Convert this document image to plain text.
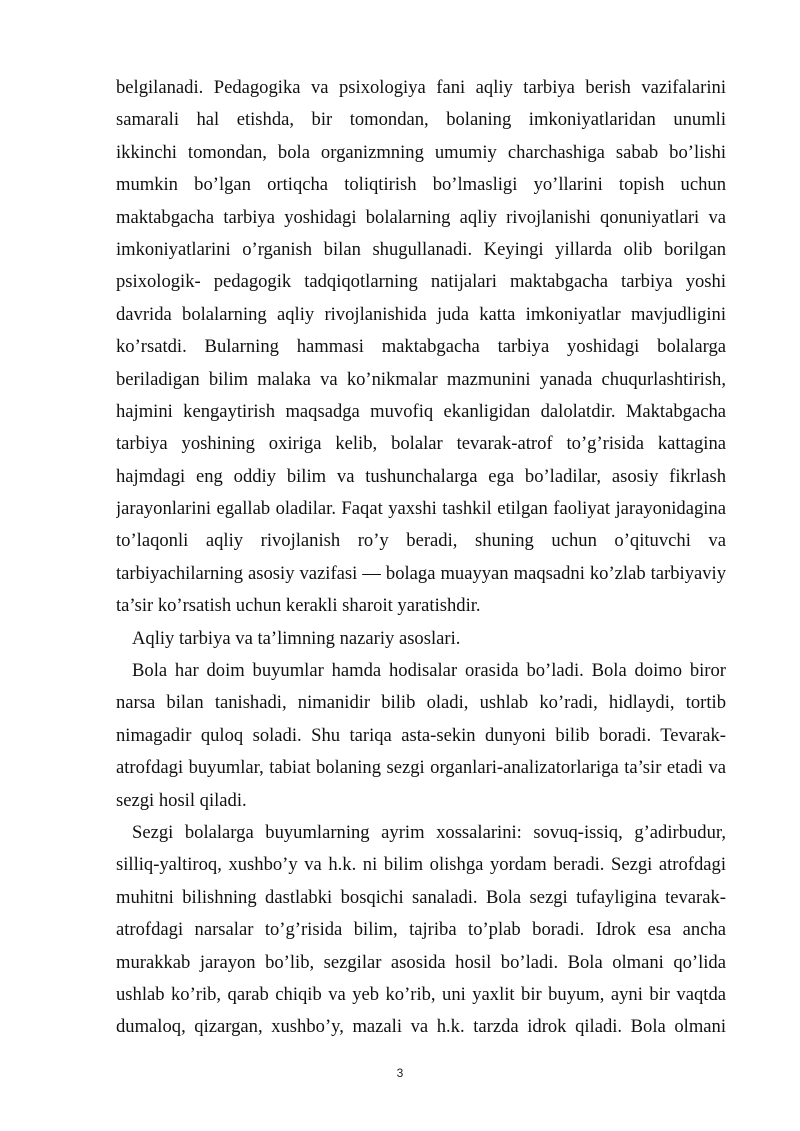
belgilanadi. Pedagogika va psixologiya fani aqliy tarbiya berish vazifalarini
samarali hal etishda, bir tomondan, bolaning imkoniyatlaridan unumli
ikkinchi tomondan, bola organizmning umumiy charchashiga sabab bo’lishi
mumkin bo’lgan ortiqcha toliqtirish bo’lmasligi yo’llarini topish uchun
maktabgacha tarbiya yoshidagi bolalarning aqliy rivojlanishi qonuniyatlari va
imkoniyatlarini o’rganish bilan shugullanadi. Keyingi yillarda olib borilgan
psixologik- pedagogik tadqiqotlarning natijalari maktabgacha tarbiya yoshi
davrida bolalarning aqliy rivojlanishida juda katta imkoniyatlar mavjudligini
ko’rsatdi. Bularning hammasi maktabgacha tarbiya yoshidagi bolalarga
beriladigan bilim malaka va ko’nikmalar mazmunini yanada chuqurlashtirish,
hajmini kengaytirish maqsadga muvofiq ekanligidan dalolatdir. Maktabgacha
tarbiya yoshining oxiriga kelib, bolalar tevarak-atrof to’g’risida kattagina
hajmdagi eng oddiy bilim va tushunchalarga ega bo’ladilar, asosiy fikrlash
jarayonlarini egallab oladilar. Faqat yaxshi tashkil etilgan faoliyat jarayonidagina
to’laqonli aqliy rivojlanish ro’y beradi, shuning uchun o’qituvchi va
tarbiyachilarning asosiy vazifasi — bolaga muayyan maqsadni ko’zlab tarbiyaviy
ta’sir ko’rsatish uchun kerakli sharoit yaratishdir.
Aqliy tarbiya va ta’limning nazariy asoslari.
Bola har doim buyumlar hamda hodisalar orasida bo’ladi. Bola doimo biror
narsa bilan tanishadi, nimanidir bilib oladi, ushlab ko’radi, hidlaydi, tortib
nimagadir quloq soladi. Shu tariqa asta-sekin dunyoni bilib boradi. Tevarak-
atrofdagi buyumlar, tabiat bolaning sezgi organlari-analizatorlariga ta’sir etadi va
sezgi hosil qiladi.
Sezgi bolalarga buyumlarning ayrim xossalarini: sovuq-issiq, g’adirbudur,
silliq-yaltiroq, xushbo’y va h.k. ni bilim olishga yordam beradi. Sezgi atrofdagi
muhitni bilishning dastlabki bosqichi sanaladi. Bola sezgi tufayligina tevarak-
atrofdagi narsalar to’g’risida bilim, tajriba to’plab boradi. Idrok esa ancha
murakkab jarayon bo’lib, sezgilar asosida hosil bo’ladi. Bola olmani qo’lida
ushlab ko’rib, qarab chiqib va yeb ko’rib, uni yaxlit bir buyum, ayni bir vaqtda
dumaloq, qizargan, xushbo’y, mazali va h.k. tarzda idrok qiladi. Bola olmani
3
